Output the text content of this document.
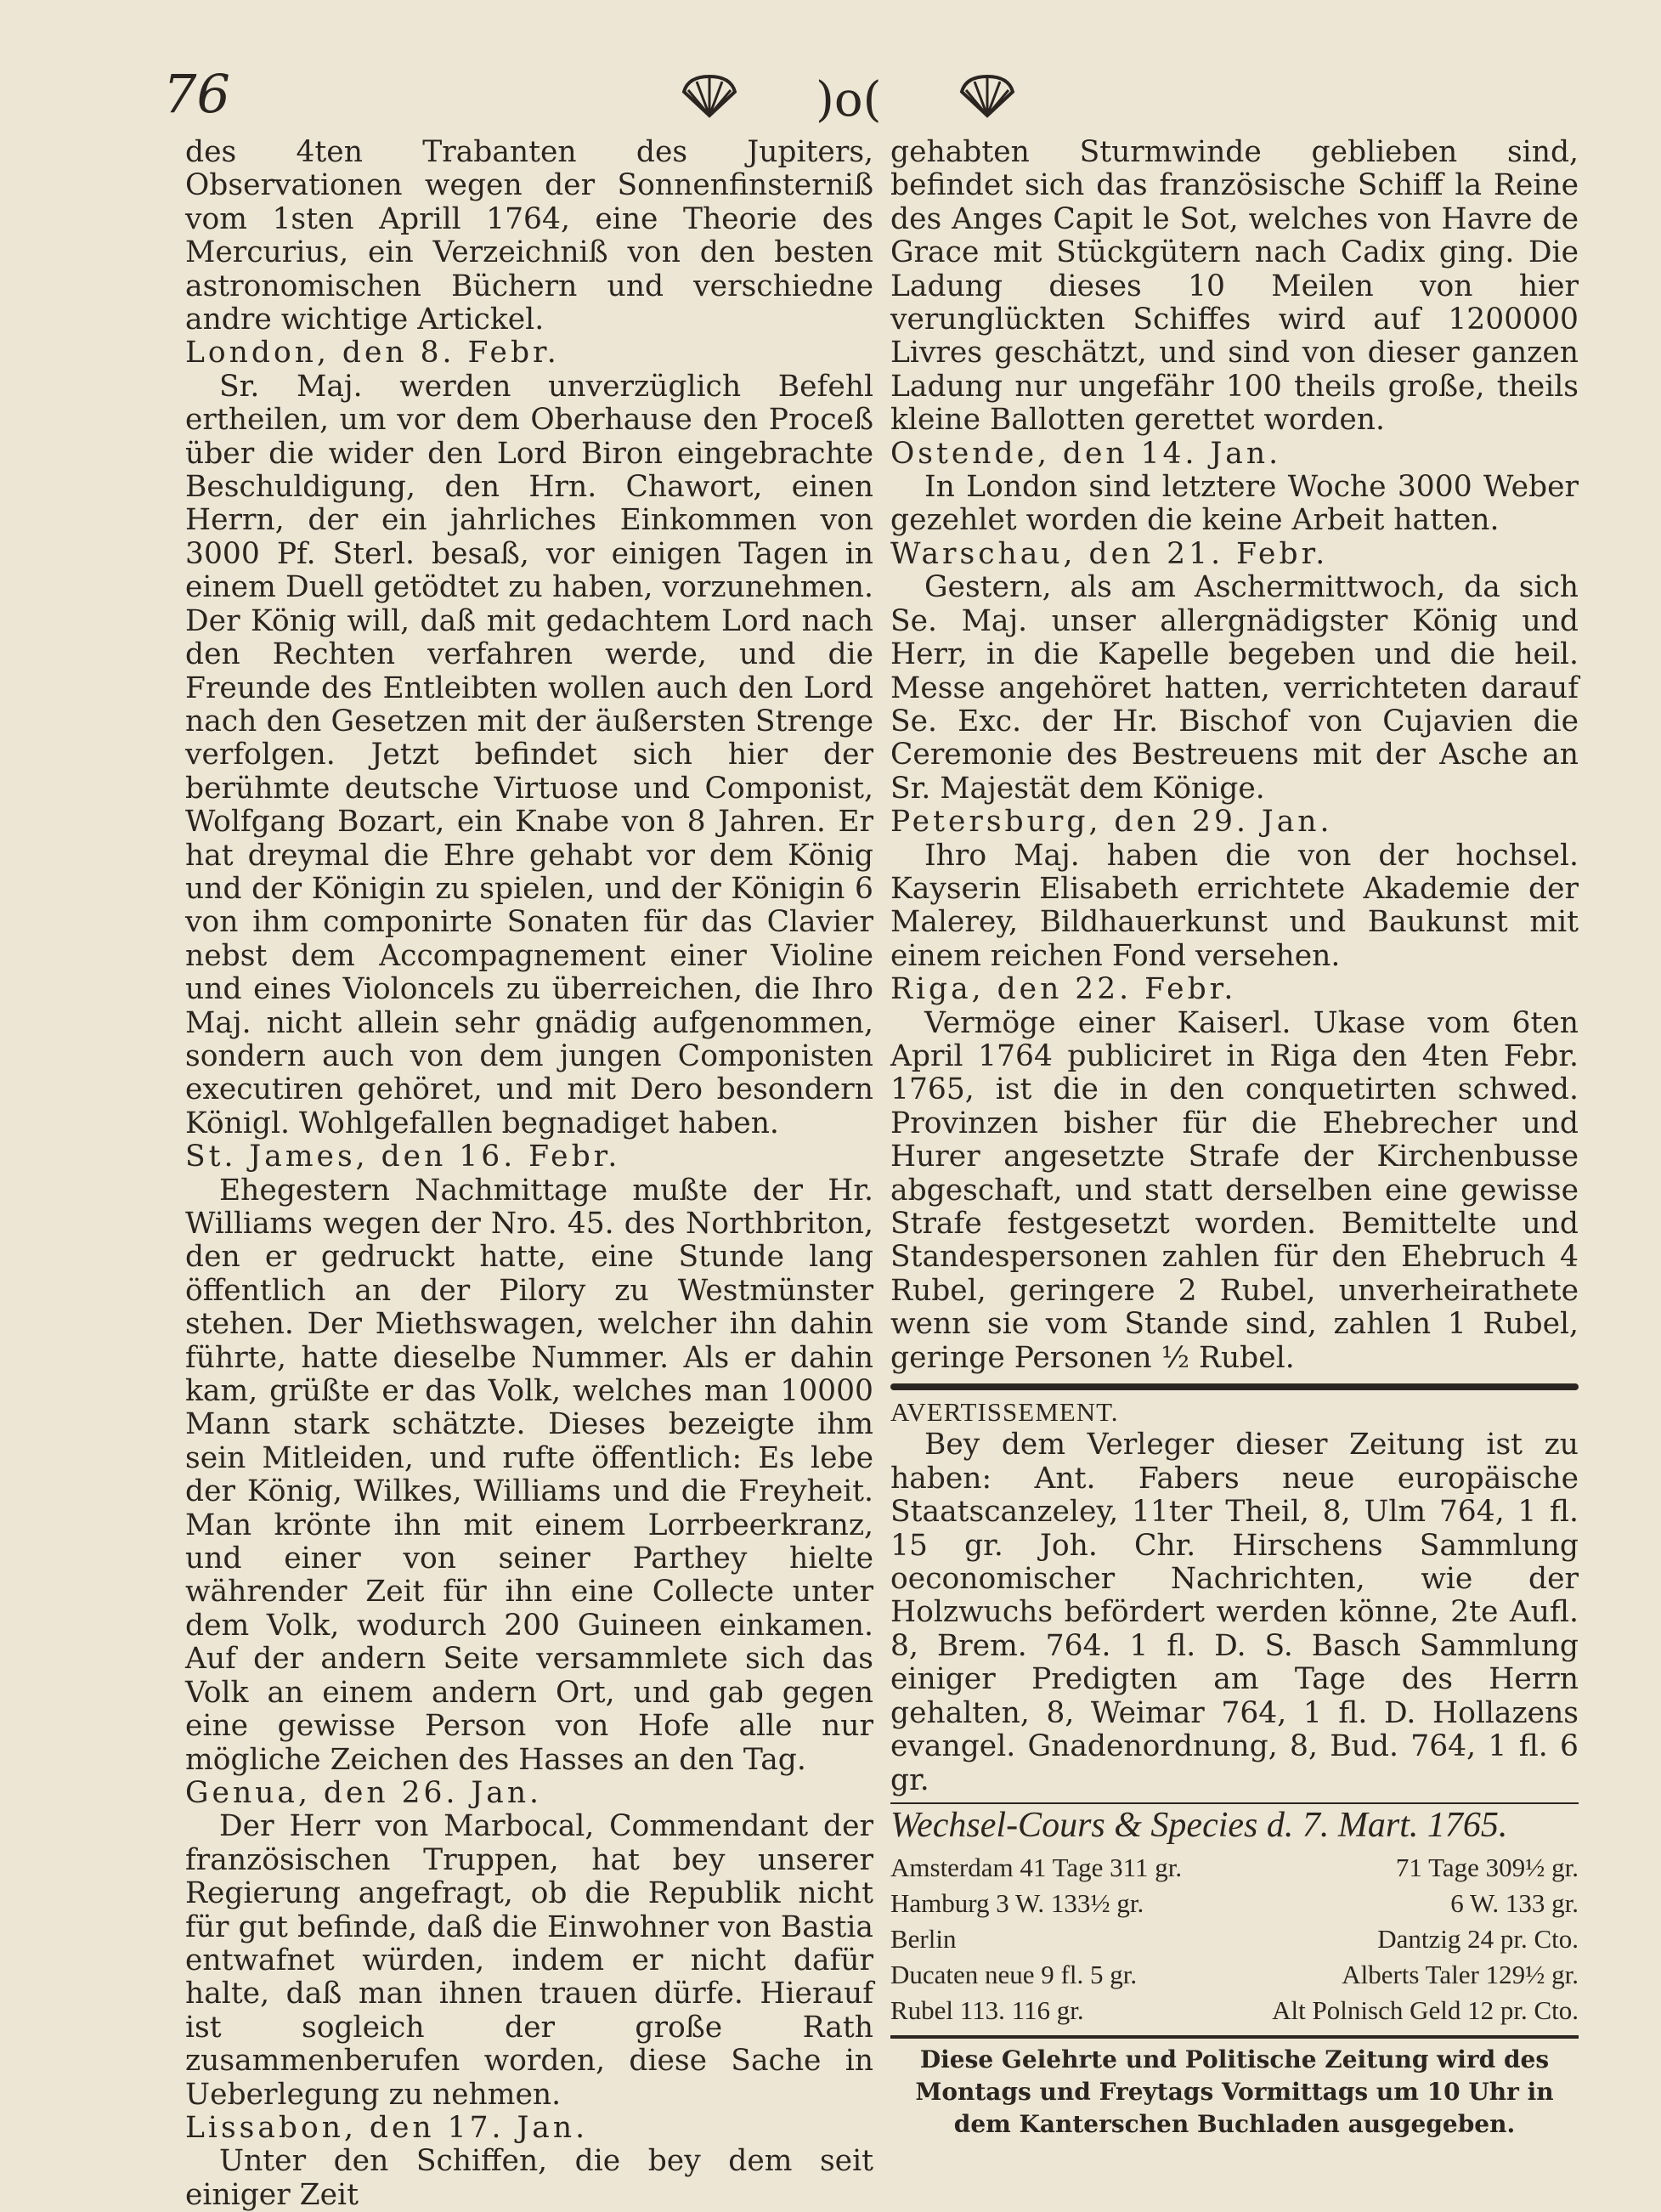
76	)o(

des 4ten Trabanten des Jupiters, Observationen wegen der Sonnenfinsterniß vom 1sten Aprill 1764, eine Theorie des Mercurius, ein Verzeichniß von den besten astronomischen Büchern und verschiedne andre wichtige Artickel.

London, den 8. Febr.

Sr. Maj. werden unverzüglich Befehl ertheilen, um vor dem Oberhause den Proceß über die wider den Lord Biron eingebrachte Beschuldigung, den Hrn. Chawort, einen Herrn, der ein jahrliches Einkommen von 3000 Pf. Sterl. besaß, vor einigen Tagen in einem Duell getödtet zu haben, vorzunehmen. Der König will, daß mit gedachtem Lord nach den Rechten verfahren werde, und die Freunde des Entleibten wollen auch den Lord nach den Gesetzen mit der äußersten Strenge verfolgen. Jetzt befindet sich hier der berühmte deutsche Virtuose und Componist, Wolfgang Bozart, ein Knabe von 8 Jahren. Er hat dreymal die Ehre gehabt vor dem König und der Königin zu spielen, und der Königin 6 von ihm componirte Sonaten für das Clavier nebst dem Accompagnement einer Violine und eines Violoncels zu überreichen, die Ihro Maj. nicht allein sehr gnädig aufgenommen, sondern auch von dem jungen Componisten executiren gehöret, und mit Dero besondern Königl. Wohlgefallen begnadiget haben.

St. James, den 16. Febr.

Ehegestern Nachmittage mußte der Hr. Williams wegen der Nro. 45. des Northbriton, den er gedruckt hatte, eine Stunde lang öffentlich an der Pilory zu Westmünster stehen. Der Miethswagen, welcher ihn dahin führte, hatte dieselbe Nummer. Als er dahin kam, grüßte er das Volk, welches man 10000 Mann stark schätzte. Dieses bezeigte ihm sein Mitleiden, und rufte öffentlich: Es lebe der König, Wilkes, Williams und die Freyheit. Man krönte ihn mit einem Lorrbeerkranz, und einer von seiner Parthey hielte währender Zeit für ihn eine Collecte unter dem Volk, wodurch 200 Guineen einkamen. Auf der andern Seite versammlete sich das Volk an einem andern Ort, und gab gegen eine gewisse Person von Hofe alle nur mögliche Zeichen des Hasses an den Tag.

Genua, den 26. Jan.

Der Herr von Marbocal, Commendant der französischen Truppen, hat bey unserer Regierung angefragt, ob die Republik nicht für gut befinde, daß die Einwohner von Bastia entwafnet würden, indem er nicht dafür halte, daß man ihnen trauen dürfe. Hierauf ist sogleich der große Rath zusammenberufen worden, diese Sache in Ueberlegung zu nehmen.

Lissabon, den 17. Jan.

Unter den Schiffen, die bey dem seit einiger Zeit

gehabten Sturmwinde geblieben sind, befindet sich das französische Schiff la Reine des Anges Capit le Sot, welches von Havre de Grace mit Stückgütern nach Cadix ging. Die Ladung dieses 10 Meilen von hier verunglückten Schiffes wird auf 1200000 Livres geschätzt, und sind von dieser ganzen Ladung nur ungefähr 100 theils große, theils kleine Ballotten gerettet worden.

Ostende, den 14. Jan.

In London sind letztere Woche 3000 Weber gezehlet worden die keine Arbeit hatten.

Warschau, den 21. Febr.

Gestern, als am Aschermittwoch, da sich Se. Maj. unser allergnädigster König und Herr, in die Kapelle begeben und die heil. Messe angehöret hatten, verrichteten darauf Se. Exc. der Hr. Bischof von Cujavien die Ceremonie des Bestreuens mit der Asche an Sr. Majestät dem Könige.

Petersburg, den 29. Jan.

Ihro Maj. haben die von der hochsel. Kayserin Elisabeth errichtete Akademie der Malerey, Bildhauerkunst und Baukunst mit einem reichen Fond versehen.

Riga, den 22. Febr.

Vermöge einer Kaiserl. Ukase vom 6ten April 1764 publiciret in Riga den 4ten Febr. 1765, ist die in den conquetirten schwed. Provinzen bisher für die Ehebrecher und Hurer angesetzte Strafe der Kirchenbusse abgeschaft, und statt derselben eine gewisse Strafe festgesetzt worden. Bemittelte und Standespersonen zahlen für den Ehebruch 4 Rubel, geringere 2 Rubel, unverheirathete wenn sie vom Stande sind, zahlen 1 Rubel, geringe Personen ½ Rubel.

AVERTISSEMENT.

Bey dem Verleger dieser Zeitung ist zu haben: Ant. Fabers neue europäische Staatscanzeley, 11ter Theil, 8, Ulm 764, 1 fl. 15 gr. Joh. Chr. Hirschens Sammlung oeconomischer Nachrichten, wie der Holzwuchs befördert werden könne, 2te Aufl. 8, Brem. 764. 1 fl. D. S. Basch Sammlung einiger Predigten am Tage des Herrn gehalten, 8, Weimar 764, 1 fl. D. Hollazens evangel. Gnadenordnung, 8, Bud. 764, 1 fl. 6 gr.

Wechsel-Cours & Species d. 7. Mart. 1765.
Amsterdam 41 Tage 311 gr.	71 Tage 309½ gr.
Hamburg 3 W. 133½ gr.	6 W. 133 gr.
Berlin	Dantzig 24 pr. Cto.
Ducaten neue 9 fl. 5 gr.	Alberts Taler 129½ gr.
Rubel 113. 116 gr.	Alt Polnisch Geld 12 pr. Cto.
Diese Gelehrte und Politische Zeitung wird des Montags und Freytags Vormittags um 10 Uhr in dem Kanterschen Buchladen ausgegeben.
